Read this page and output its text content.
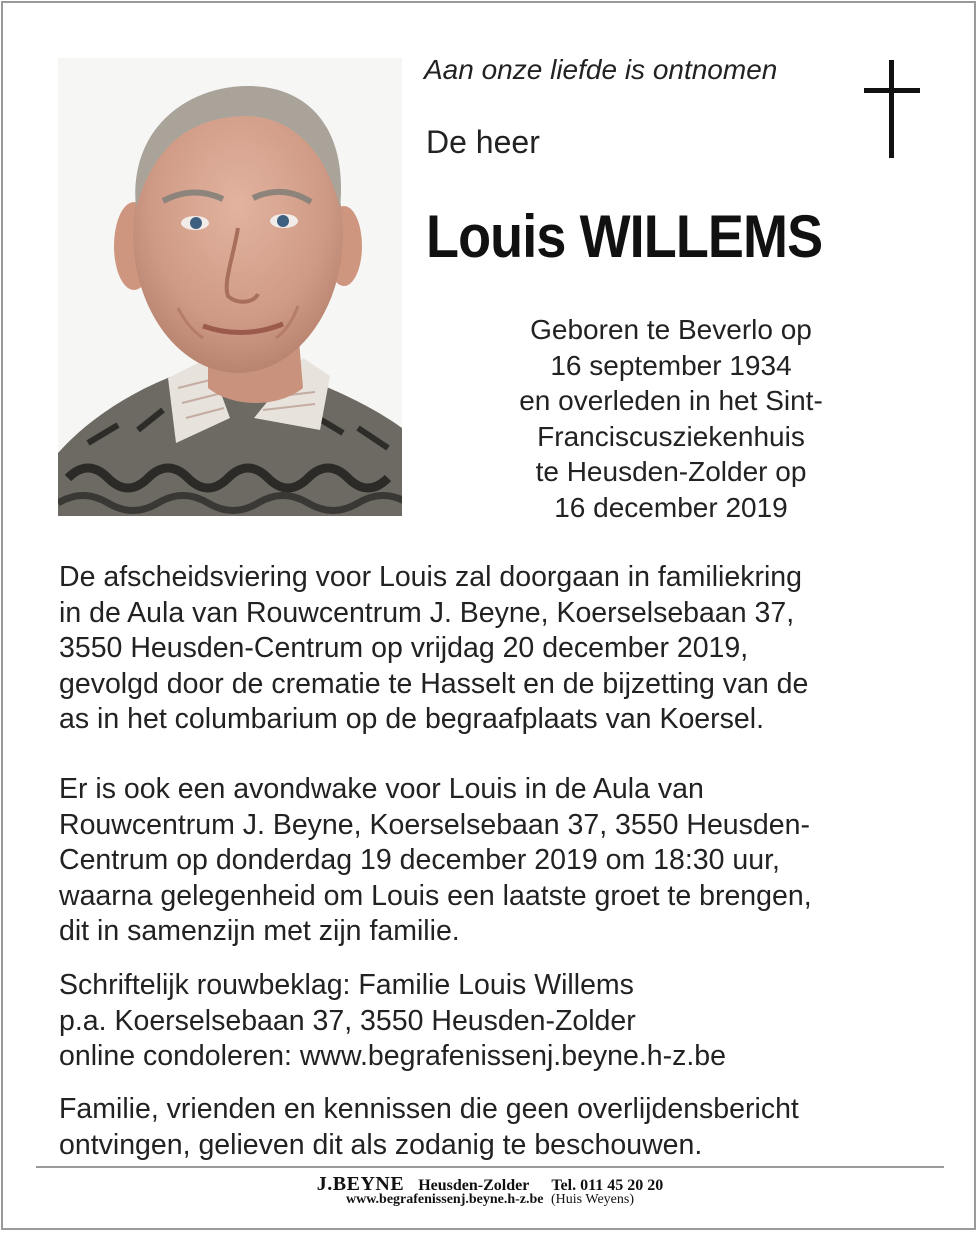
Aan onze liefde is ontnomen

De heer

Louis WILLEMS

Geboren te Beverlo op
16 september 1934
en overleden in het Sint-
Franciscusziekenhuis
te Heusden-Zolder op
16 december 2019
De afscheidsviering voor Louis zal doorgaan in familiekring
in de Aula van Rouwcentrum J. Beyne, Koerselsebaan 37,
3550 Heusden-Centrum op vrijdag 20 december 2019,
gevolgd door de crematie te Hasselt en de bijzetting van de
as in het columbarium op de begraafplaats van Koersel.
Er is ook een avondwake voor Louis in de Aula van
Rouwcentrum J. Beyne, Koerselsebaan 37, 3550 Heusden-
Centrum op donderdag 19 december 2019 om 18:30 uur,
waarna gelegenheid om Louis een laatste groet te brengen,
dit in samenzijn met zijn familie.
Schriftelijk rouwbeklag: Familie Louis Willems
p.a. Koerselsebaan 37, 3550 Heusden-Zolder
online condoleren: www.begrafenissenj.beyne.h-z.be
Familie, vrienden en kennissen die geen overlijdensbericht
ontvingen, gelieven dit als zodanig te beschouwen.
J.BEYNE Heusden-Zolder Tel. 011 45 20 20
www.begrafenissenj.beyne.h-z.be (Huis Weyens)
